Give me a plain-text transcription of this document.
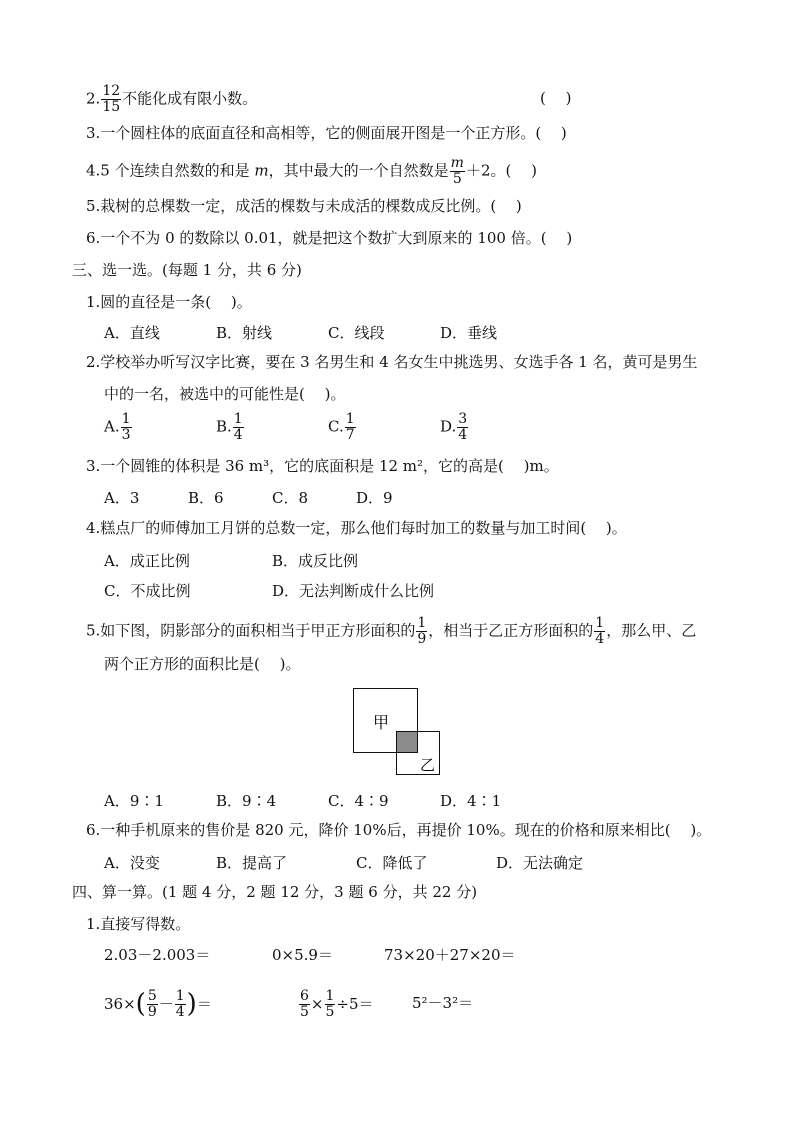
2. $\frac{12}{15}$ 不能化成有限小数。	(　 )
3.一个圆柱体的底面直径和高相等，它的侧面展开图是一个正方形。(　 )
4.5 个连续自然数的和是 m，其中最大的一个自然数是 $\frac{m}{5} +2$。(　 )
5.栽树的总棵数一定，成活的棵数与未成活的棵数成反比例。(　 )
6.一个不为 0 的数除以 0.01，就是把这个数扩大到原来的 100 倍。(　 )
三、选一选。(每题 1 分，共 6 分)
1.圆的直径是一条(　 )。
A．直线	B．射线	C．线段	D．垂线
2.学校举办听写汉字比赛，要在 3 名男生和 4 名女生中挑选男、女选手各 1 名，黄可是男生
中的一名，被选中的可能性是(　 )。
A. $\frac{1}{3}$	B. $\frac{1}{4}$	C. $\frac{1}{7}$	D. $\frac{3}{4}$
3.一个圆锥的体积是 36 m³，它的底面积是 12 m²，它的高是(　 )m。
A．3	B．6	C．8	D．9
4.糕点厂的师傅加工月饼的总数一定，那么他们每时加工的数量与加工时间(　 )。
A．成正比例	B．成反比例
C．不成比例	D．无法判断成什么比例
5.如下图，阴影部分的面积相当于甲正方形面积的 $\frac{1}{9}$ ，相当于乙正方形面积的 $\frac{1}{4}$ ，那么甲、乙
两个正方形的面积比是(　 )。
甲
乙
A．9∶1	B．9∶4	C．4∶9	D．4∶1
6.一种手机原来的售价是 820 元，降价 10%后，再提价 10%。现在的价格和原来相比(　 )。
A．没变	B．提高了	C．降低了	D．无法确定
四、算一算。(1 题 4 分，2 题 12 分，3 题 6 分，共 22 分)
1.直接写得数。
2.03－2.003＝	0×5.9＝	73×20＋27×20＝
$36\times( \frac{5}{9} - \frac{1}{4}$ )＝	$\frac{6}{5} \times \frac{1}{5} \div 5=$	5²－3²＝
